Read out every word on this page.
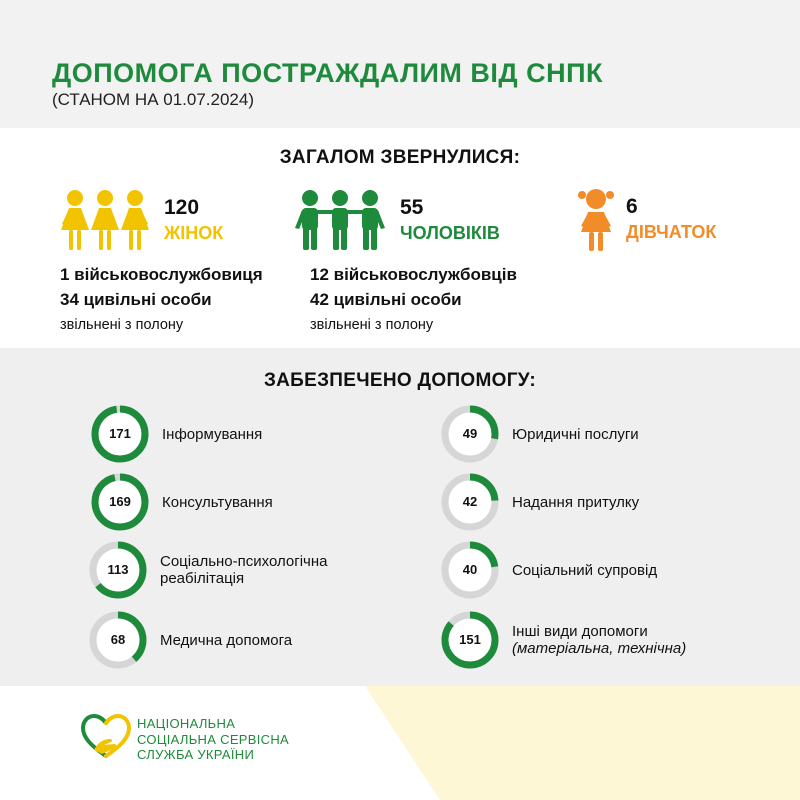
ДОПОМОГА ПОСТРАЖДАЛИМ ВІД СНПК
(СТАНОМ НА 01.07.2024)
ЗАГАЛОМ ЗВЕРНУЛИСЯ:
120
ЖІНОК
55
ЧОЛОВІКІВ
6
ДІВЧАТОК
1 військовослужбовиця
34 цивільні особи
звільнені з полону
12 військовослужбовців
42 цивільні особи
звільнені з полону
ЗАБЕЗПЕЧЕНО ДОПОМОГУ:
171	Інформування
169	Консультування
113	Соціально-психологічна
реабілітація
68	Медична допомога
49	Юридичні послуги
42	Надання притулку
40	Соціальний супровід
151	Інші види допомоги
(матеріальна, технічна)
НАЦІОНАЛЬНА
СОЦІАЛЬНА СЕРВІСНА
СЛУЖБА УКРАЇНИ
